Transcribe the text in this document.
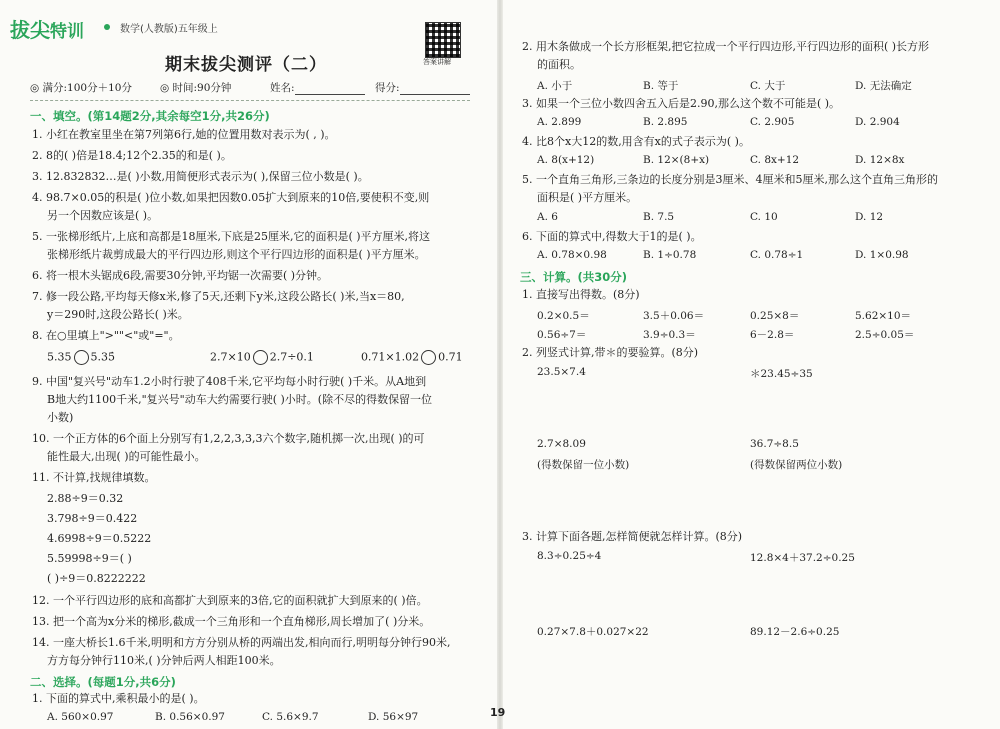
拔尖特训	数学(人教版)五年级上
期末拔尖测评（二）	答案讲解
◎ 满分:100分＋10分	◎ 时间:90分钟	姓名:	得分:
一、填空。(第14题2分,其余每空1分,共26分)
1. 小红在教室里坐在第7列第6行,她的位置用数对表示为( , )。
2. 8的( )倍是18.4;12个2.35的和是( )。
3. 12.832832…是( )小数,用简便形式表示为( ),保留三位小数是( )。
4. 98.7×0.05的积是( )位小数,如果把因数0.05扩大到原来的10倍,要使积不变,则
另一个因数应该是( )。
5. 一张梯形纸片,上底和高都是18厘米,下底是25厘米,它的面积是( )平方厘米,将这
张梯形纸片裁剪成最大的平行四边形,则这个平行四边形的面积是( )平方厘米。
6. 将一根木头锯成6段,需要30分钟,平均锯一次需要( )分钟。
7. 修一段公路,平均每天修x米,修了5天,还剩下y米,这段公路长( )米,当x＝80,
y＝290时,这段公路长( )米。
8. 在○里填上">""<"或"="。
5.35 5.35̇	2.7×10 2.7÷0.1	0.71×1.02 0.71
9. 中国"复兴号"动车1.2小时行驶了408千米,它平均每小时行驶( )千米。从A地到
B地大约1100千米,"复兴号"动车大约需要行驶( )小时。(除不尽的得数保留一位
小数)
10. 一个正方体的6个面上分别写有1,2,2,3,3,3六个数字,随机掷一次,出现( )的可
能性最大,出现( )的可能性最小。
11. 不计算,找规律填数。
2.88÷9＝0.32
3.798÷9＝0.422
4.6998÷9＝0.5222
5.59998÷9＝( )
( )÷9＝0.8222222
12. 一个平行四边形的底和高都扩大到原来的3倍,它的面积就扩大到原来的( )倍。
13. 把一个高为x分米的梯形,截成一个三角形和一个直角梯形,周长增加了( )分米。
14. 一座大桥长1.6千米,明明和方方分别从桥的两端出发,相向而行,明明每分钟行90米,
方方每分钟行110米,( )分钟后两人相距100米。
二、选择。(每题1分,共6分)
1. 下面的算式中,乘积最小的是( )。
A. 560×0.97	B. 0.56×0.97	C. 5.6×9.7	D. 56×97
2. 用木条做成一个长方形框架,把它拉成一个平行四边形,平行四边形的面积( )长方形
的面积。
A. 小于	B. 等于	C. 大于	D. 无法确定
3. 如果一个三位小数四舍五入后是2.90,那么这个数不可能是( )。
A. 2.899	B. 2.895	C. 2.905	D. 2.904
4. 比8个x大12的数,用含有x的式子表示为( )。
A. 8(x+12)	B. 12×(8+x)	C. 8x+12	D. 12×8x
5. 一个直角三角形,三条边的长度分别是3厘米、4厘米和5厘米,那么这个直角三角形的
面积是( )平方厘米。
A. 6	B. 7.5	C. 10	D. 12
6. 下面的算式中,得数大于1的是( )。
A. 0.78×0.98	B. 1÷0.78	C. 0.78÷1	D. 1×0.98
三、计算。(共30分)
1. 直接写出得数。(8分)
0.2×0.5＝	3.5＋0.06＝	0.25×8＝	5.62×10＝
0.56÷7＝	3.9÷0.3＝	6－2.8＝	2.5÷0.05＝
2. 列竖式计算,带＊的要验算。(8分)
23.5×7.4	＊23.45÷35
2.7×8.09	36.7÷8.5
(得数保留一位小数)	(得数保留两位小数)
3. 计算下面各题,怎样简便就怎样计算。(8分)
8.3÷0.25÷4	12.8×4＋37.2÷0.25
0.27×7.8＋0.027×22	89.12－2.6÷0.25
19
